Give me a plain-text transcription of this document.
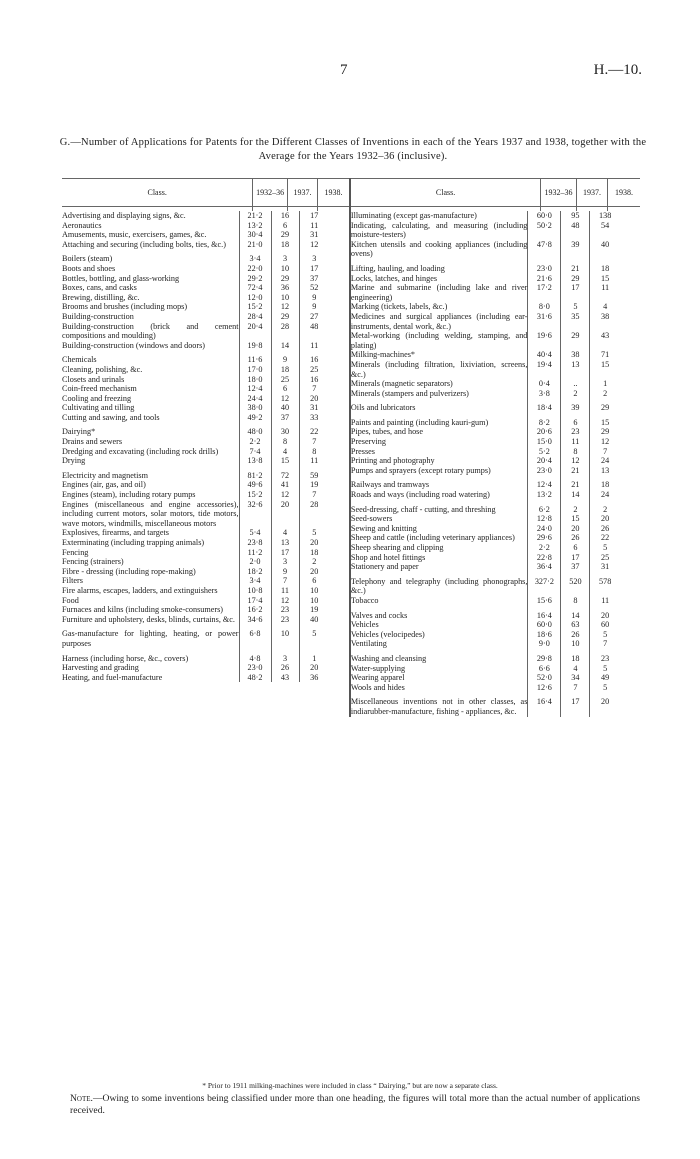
7	H.—10.
G.—Number of Applications for Patents for the Different Classes of Inventions in each of the Years 1937 and 1938, together with the Average for the Years 1932–36 (inclusive).
Class.	1932–36	1937.	1938.	Class.	1932–36	1937.	1938.

Advertising and displaying signs, &c.	21·2	16	17
Aeronautics	13·2	6	11
Amusements, music, exercisers, games, &c.	30·4	29	31
Attaching and securing (including bolts, ties, &c.)	21·0	18	12

Boilers (steam)	3·4	3	3
Boots and shoes	22·0	10	17
Bottles, bottling, and glass-working	29·2	29	37
Boxes, cans, and casks	72·4	36	52
Brewing, distilling, &c.	12·0	10	9
Brooms and brushes (including mops)	15·2	12	9
Building-construction	28·4	29	27
Building-construction (brick and cement compositions and moulding)	20·4	28	48
Building-construction (windows and doors)	19·8	14	11

Chemicals	11·6	9	16
Cleaning, polishing, &c.	17·0	18	25
Closets and urinals	18·0	25	16
Coin-freed mechanism	12·4	6	7
Cooling and freezing	24·4	12	20
Cultivating and tilling	38·0	40	31
Cutting and sawing, and tools	49·2	37	33

Dairying*	48·0	30	22
Drains and sewers	2·2	8	7
Dredging and excavating (including rock drills)	7·4	4	8
Drying	13·8	15	11

Electricity and magnetism	81·2	72	59
Engines (air, gas, and oil)	49·6	41	19
Engines (steam), including rotary pumps	15·2	12	7
Engines (miscellaneous and engine accessories), including current motors, solar motors, tide motors, wave motors, windmills, miscellaneous motors	32·6	20	28
Explosives, firearms, and targets	5·4	4	5
Exterminating (including trapping animals)	23·8	13	20
Fencing	11·2	17	18
Fencing (strainers)	2·0	3	2
Fibre - dressing (including rope-making)	18·2	9	20
Filters	3·4	7	6
Fire alarms, escapes, ladders, and extinguishers	10·8	11	10
Food	17·4	12	10
Furnaces and kilns (including smoke-consumers)	16·2	23	19
Furniture and upholstery, desks, blinds, curtains, &c.	34·6	23	40

Gas-manufacture for lighting, heating, or power purposes	6·8	10	5

Harness (including horse, &c., covers)	4·8	3	1
Harvesting and grading	23·0	26	20
Heating, and fuel-manufacture	48·2	43	36

Illuminating (except gas-manufacture)	60·0	95	138
Indicating, calculating, and measuring (including moisture-testers)	50·2	48	54
Kitchen utensils and cooking appliances (including ovens)	47·8	39	40

Lifting, hauling, and loading	23·0	21	18
Locks, latches, and hinges	21·6	29	15
Marine and submarine (including lake and river engineering)	17·2	17	11
Marking (tickets, labels, &c.)	8·0	5	4
Medicines and surgical appliances (including ear-instruments, dental work, &c.)	31·6	35	38
Metal-working (including welding, stamping, and plating)	19·6	29	43
Milking-machines*	40·4	38	71
Minerals (including filtration, lixiviation, screens, &c.)	19·4	13	15
Minerals (magnetic separators)	0·4	..	1
Minerals (stampers and pulverizers)	3·8	2	2

Oils and lubricators	18·4	39	29

Paints and painting (including kauri-gum)	8·2	6	15
Pipes, tubes, and hose	20·6	23	29
Preserving	15·0	11	12
Presses	5·2	8	7
Printing and photography	20·4	12	24
Pumps and sprayers (except rotary pumps)	23·0	21	13

Railways and tramways	12·4	21	18
Roads and ways (including road watering)	13·2	14	24

Seed-dressing, chaff - cutting, and threshing	6·2	2	2
Seed-sowers	12·8	15	20
Sewing and knitting	24·0	20	26
Sheep and cattle (including veterinary appliances)	29·6	26	22
Sheep shearing and clipping	2·2	6	5
Shop and hotel fittings	22·8	17	25
Stationery and paper	36·4	37	31

Telephony and telegraphy (including phonographs, &c.)	327·2	520	578
Tobacco	15·6	8	11

Valves and cocks	16·4	14	20
Vehicles	60·0	63	60
Vehicles (velocipedes)	18·6	26	5
Ventilating	9·0	10	7

Washing and cleansing	29·8	18	23
Water-supplying	6·6	4	5
Wearing apparel	52·0	34	49
Wools and hides	12·6	7	5

Miscellaneous inventions not in other classes, as indiarubber-manufacture, fishing - appliances, &c.	16·4	17	20
* Prior to 1911 milking-machines were included in class “ Dairying,” but are now a separate class.
Note.—Owing to some inventions being classified under more than one heading, the figures will total more than the actual number of applications received.
